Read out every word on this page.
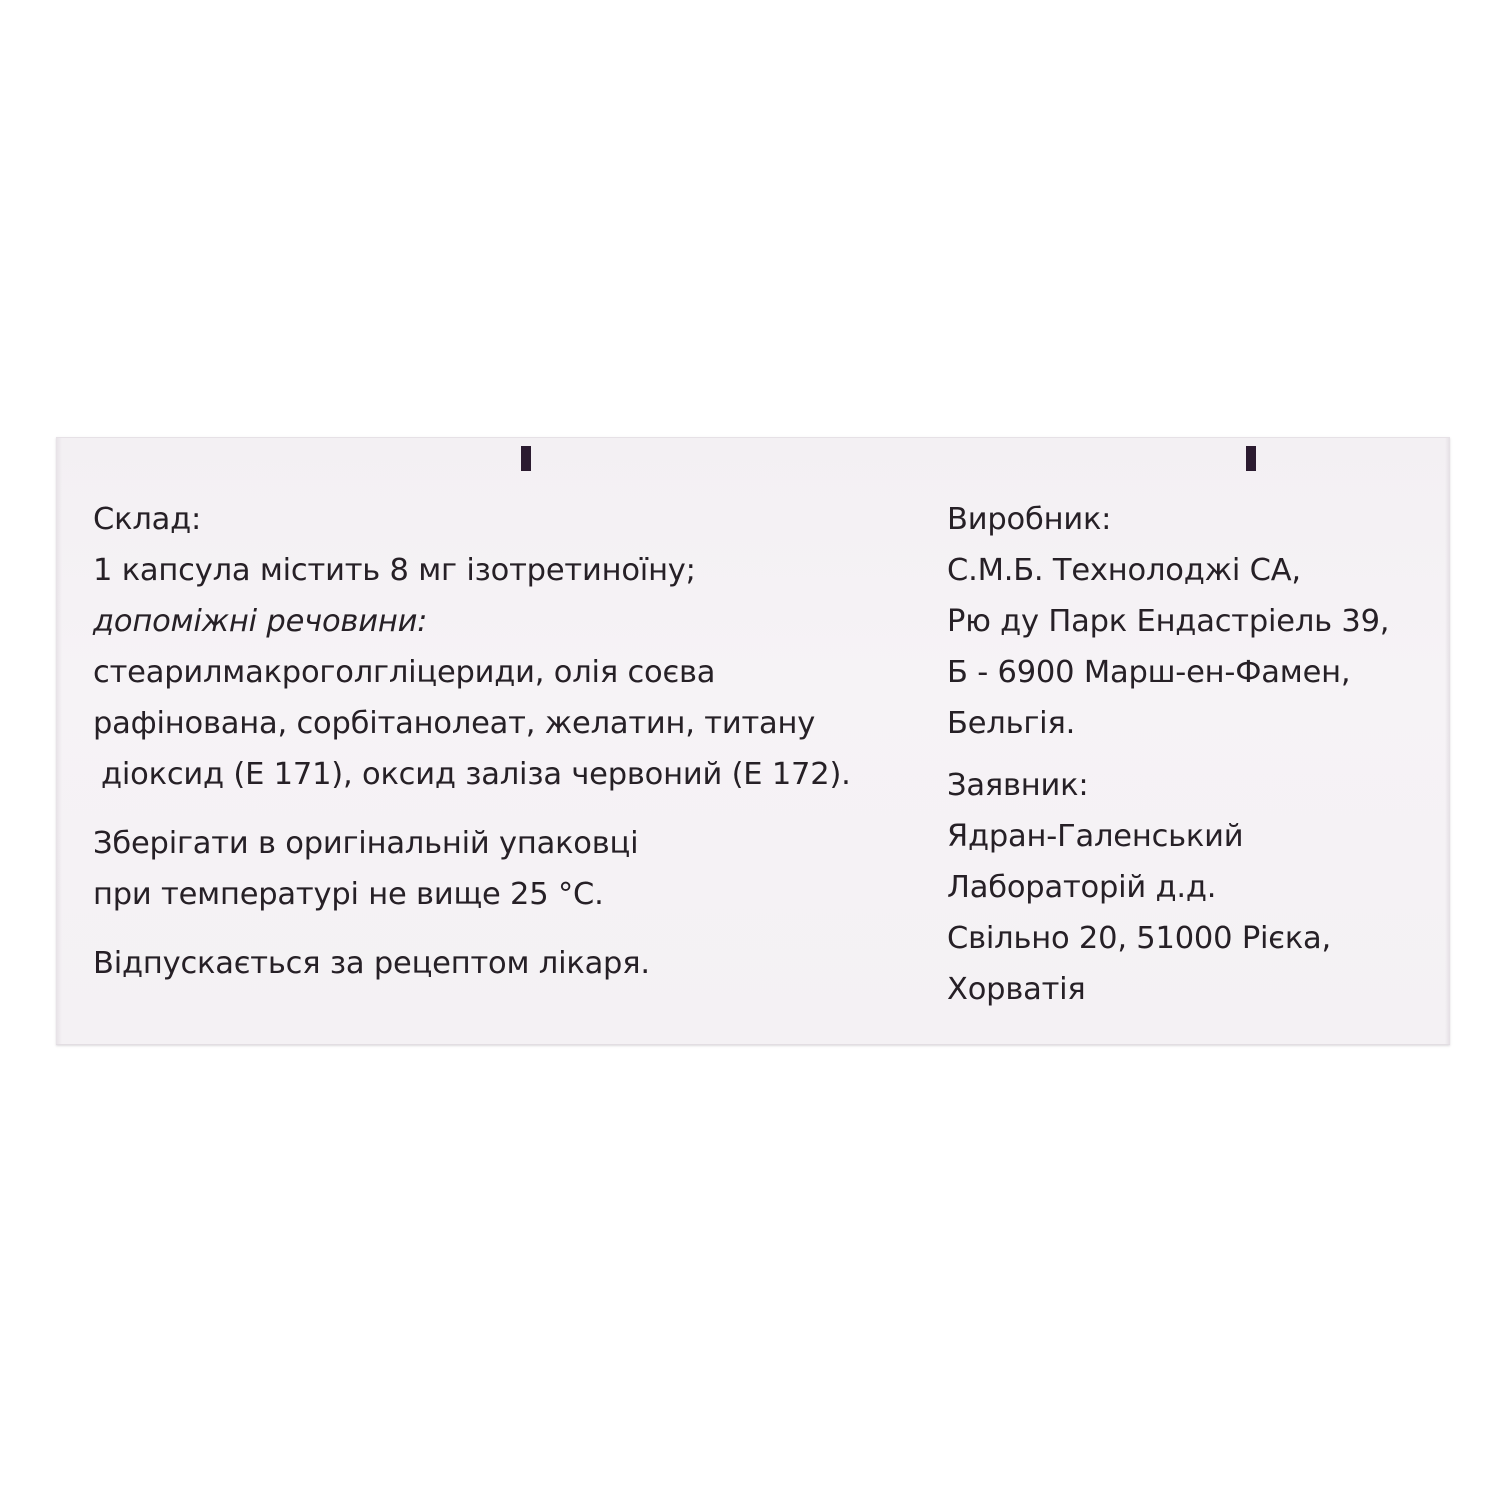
Склад:
1 капсула містить 8 мг ізотретиноїну;
допоміжні речовини:
стеарилмакроголгліцериди, олія соєва
рафінована, сорбітанолеат, желатин, титану
діоксид (Е 171), оксид заліза червоний (Е 172).
Зберігати в оригінальній упаковці
при температурі не вище 25 °С.
Відпускається за рецептом лікаря.
Виробник:
С.М.Б. Технолоджі СА,
Рю ду Парк Ендастріель 39,
Б - 6900 Марш-ен-Фамен,
Бельгія.
Заявник:
Ядран-Галенський
Лабораторій д.д.
Свільно 20, 51000 Рієка,
Хорватія
